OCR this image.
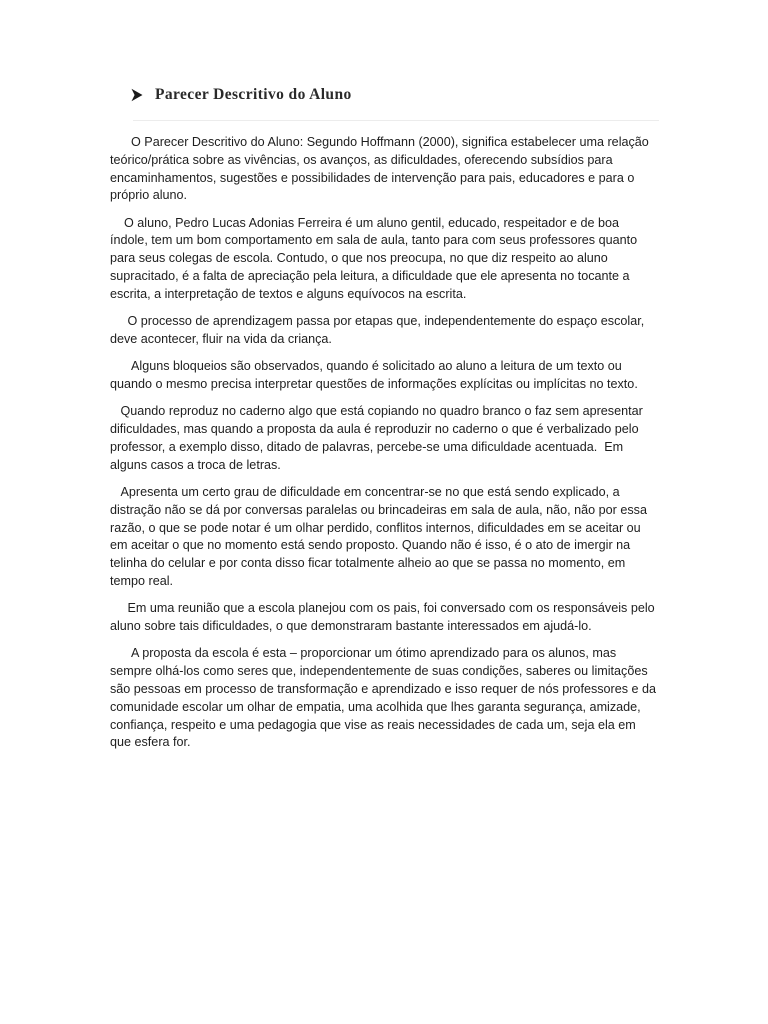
Parecer Descritivo do Aluno

O Parecer Descritivo do Aluno: Segundo Hoffmann (2000), significa estabelecer uma relação teórico/prática sobre as vivências, os avanços, as dificuldades, oferecendo subsídios para encaminhamentos, sugestões e possibilidades de intervenção para pais, educadores e para o próprio aluno.

O aluno, Pedro Lucas Adonias Ferreira é um aluno gentil, educado, respeitador e de boa índole, tem um bom comportamento em sala de aula, tanto para com seus professores quanto para seus colegas de escola. Contudo, o que nos preocupa, no que diz respeito ao aluno supracitado, é a falta de apreciação pela leitura, a dificuldade que ele apresenta no tocante a escrita, a interpretação de textos e alguns equívocos na escrita.

O processo de aprendizagem passa por etapas que, independentemente do espaço escolar, deve acontecer, fluir na vida da criança.

Alguns bloqueios são observados, quando é solicitado ao aluno a leitura de um texto ou quando o mesmo precisa interpretar questões de informações explícitas ou implícitas no texto.

Quando reproduz no caderno algo que está copiando no quadro branco o faz sem apresentar dificuldades, mas quando a proposta da aula é reproduzir no caderno o que é verbalizado pelo professor, a exemplo disso, ditado de palavras, percebe-se uma dificuldade acentuada.  Em alguns casos a troca de letras.

Apresenta um certo grau de dificuldade em concentrar-se no que está sendo explicado, a distração não se dá por conversas paralelas ou brincadeiras em sala de aula, não, não por essa razão, o que se pode notar é um olhar perdido, conflitos internos, dificuldades em se aceitar ou em aceitar o que no momento está sendo proposto. Quando não é isso, é o ato de imergir na telinha do celular e por conta disso ficar totalmente alheio ao que se passa no momento, em tempo real.

Em uma reunião que a escola planejou com os pais, foi conversado com os responsáveis pelo aluno sobre tais dificuldades, o que demonstraram bastante interessados em ajudá-lo.

A proposta da escola é esta – proporcionar um ótimo aprendizado para os alunos, mas sempre olhá-los como seres que, independentemente de suas condições, saberes ou limitações são pessoas em processo de transformação e aprendizado e isso requer de nós professores e da comunidade escolar um olhar de empatia, uma acolhida que lhes garanta segurança, amizade, confiança, respeito e uma pedagogia que vise as reais necessidades de cada um, seja ela em que esfera for.
